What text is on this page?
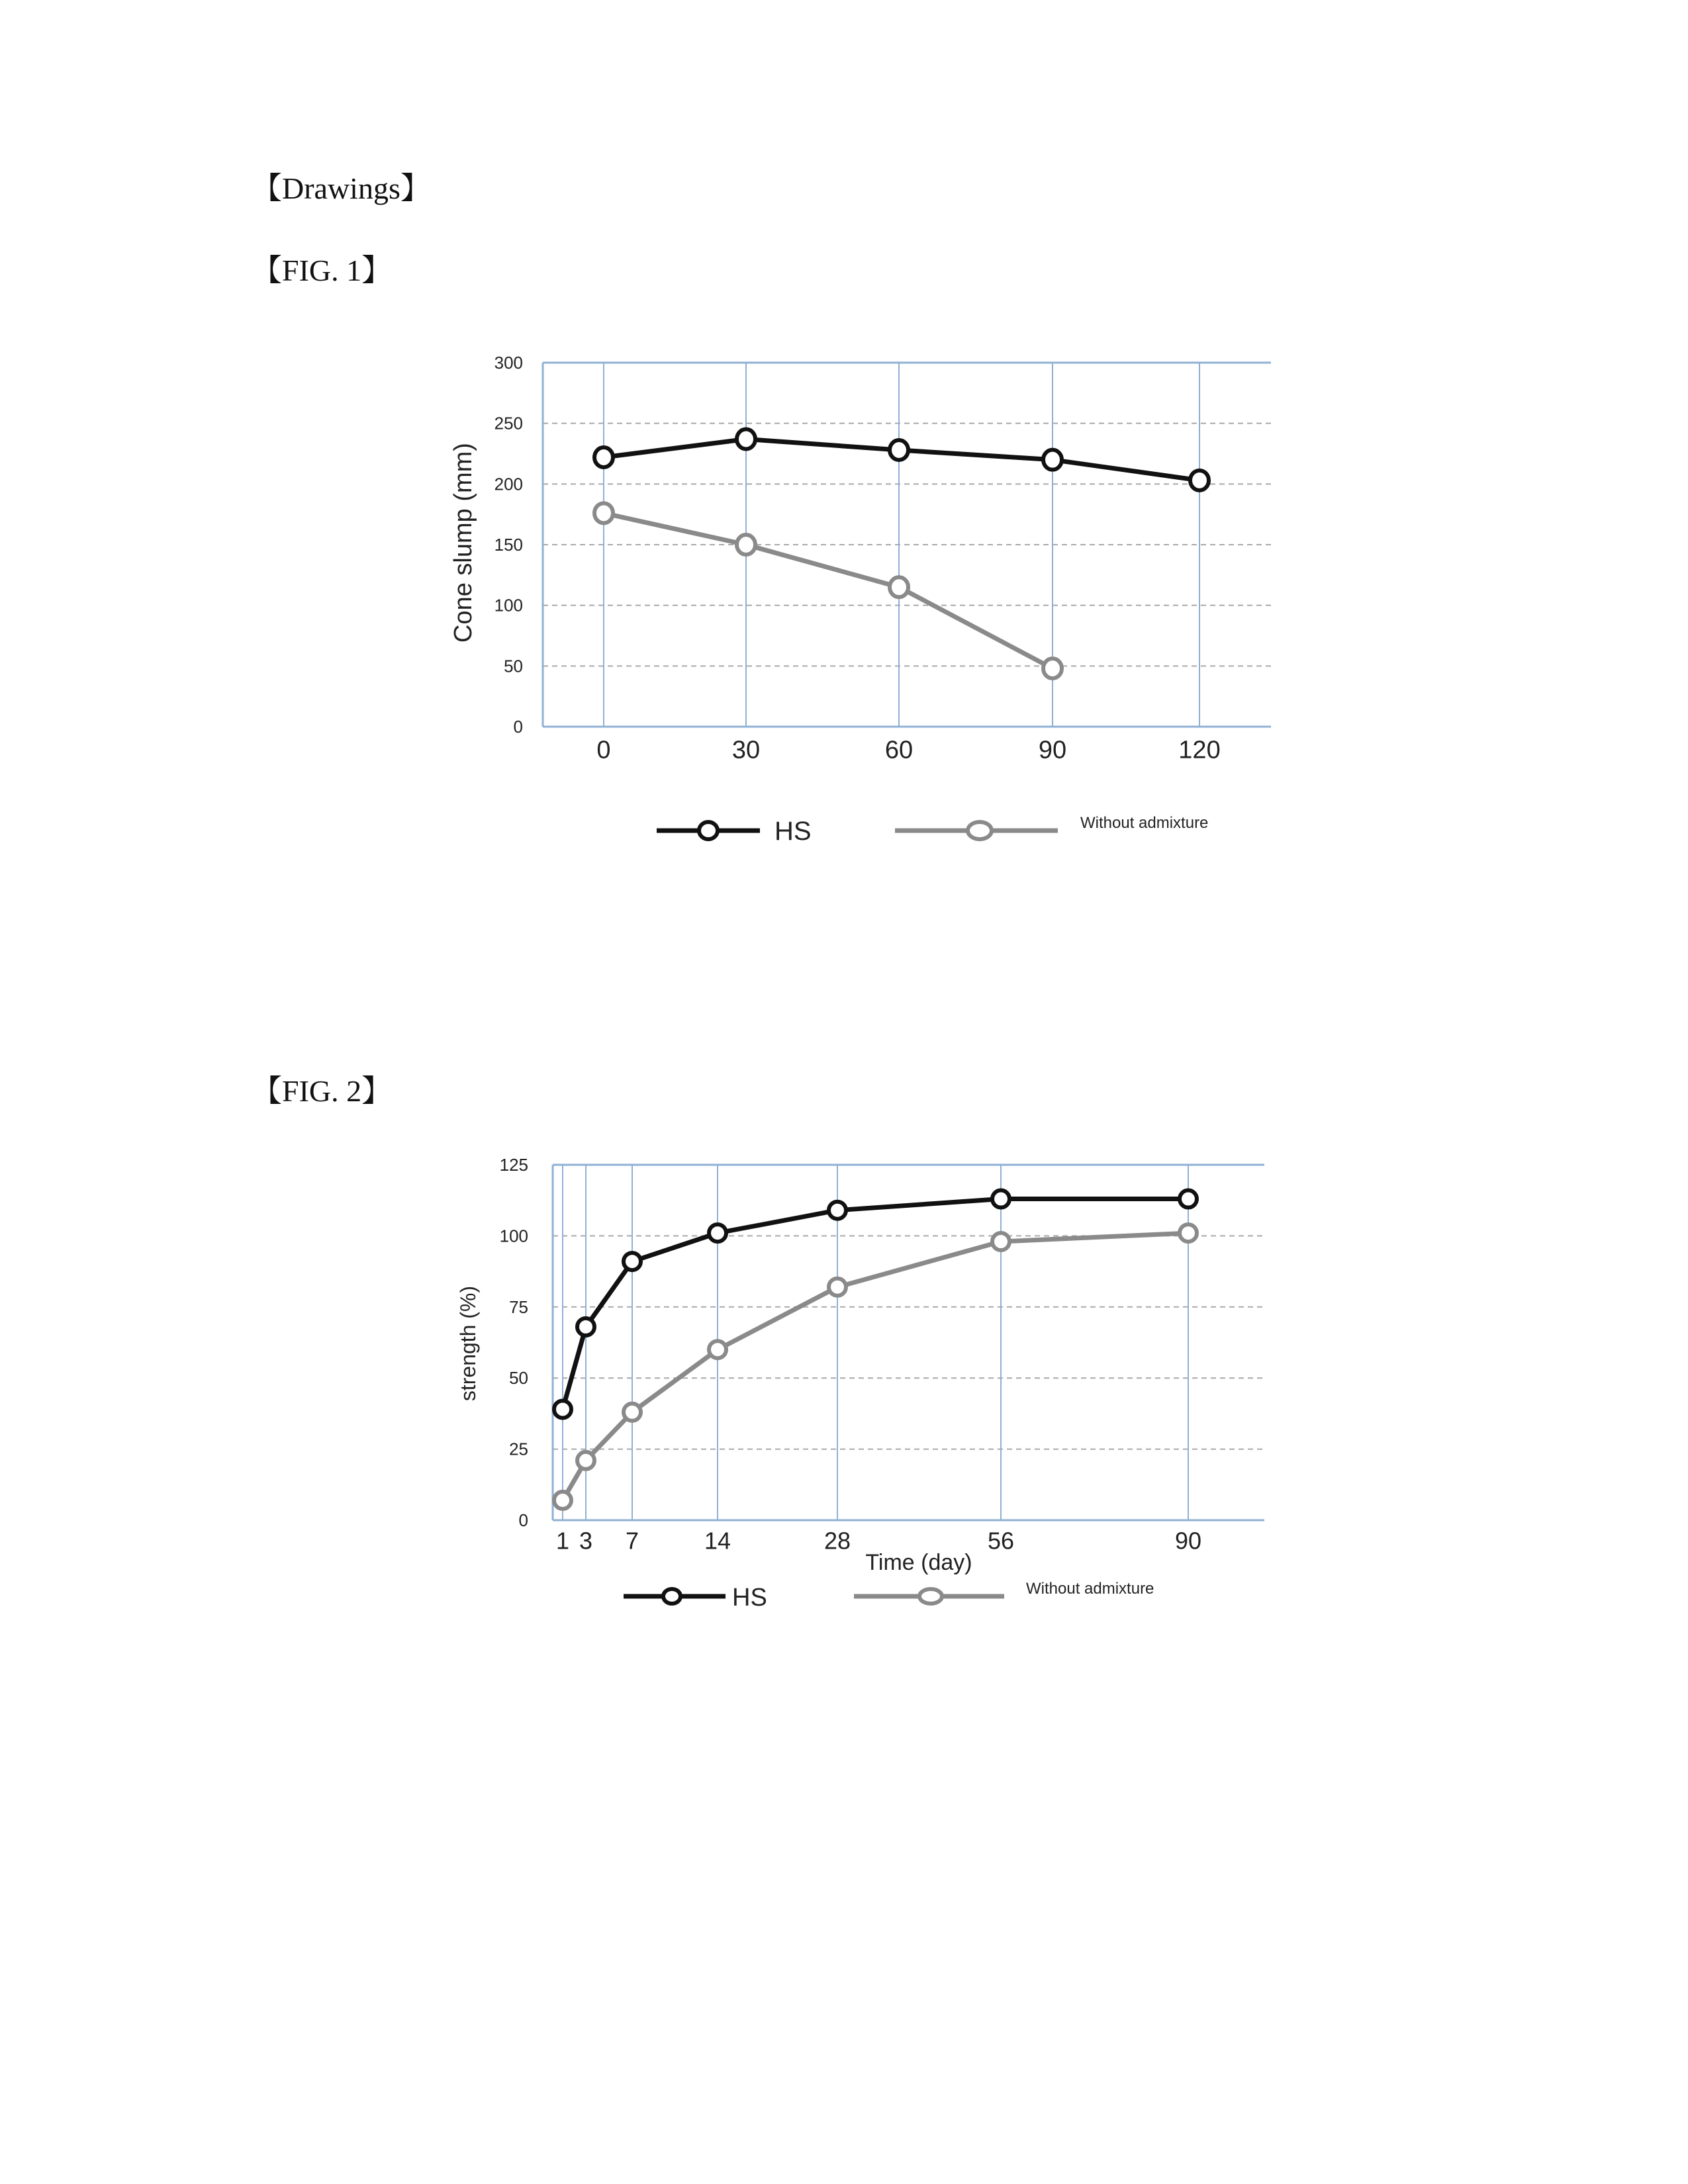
【Drawings】
【FIG. 1】
【FIG. 2】
0
50
100
150
200
250
300
0	30	60	90	120
Cone slump (mm)
HS	Without admixture
0
25
50
75
100
125
1 3 7	14	28	56	90
strength (%)
Time (day)
HS	Without admixture
